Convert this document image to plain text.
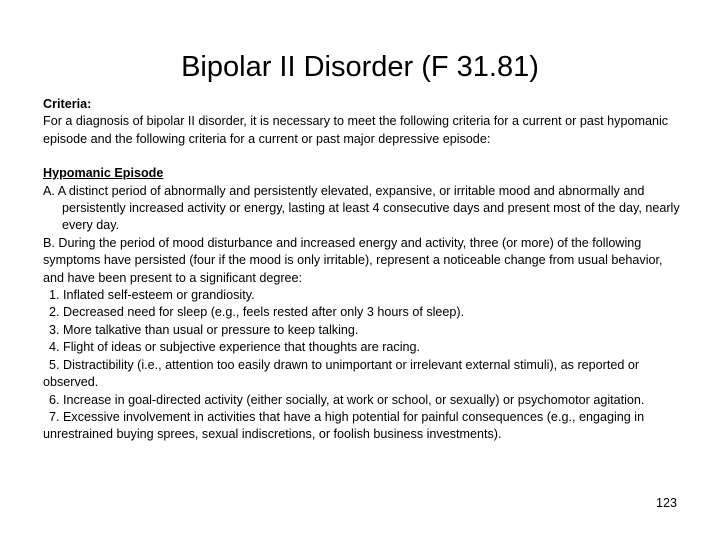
Bipolar II Disorder (F 31.81)

Criteria:

For a diagnosis of bipolar II disorder, it is necessary to meet the following criteria for a current or past hypomanic episode and the following criteria for a current or past major depressive episode:

Hypomanic Episode

A. A distinct period of abnormally and persistently elevated, expansive, or irritable mood and abnormally and persistently increased activity or energy, lasting at least 4 consecutive days and present most of the day, nearly every day.

B. During the period of mood disturbance and increased energy and activity, three (or more) of the following symptoms have persisted (four if the mood is only irritable), represent a noticeable change from usual behavior, and have been present to a significant degree:

1. Inflated self-esteem or grandiosity.

2. Decreased need for sleep (e.g., feels rested after only 3 hours of sleep).

3. More talkative than usual or pressure to keep talking.

4. Flight of ideas or subjective experience that thoughts are racing.

5. Distractibility (i.e., attention too easily drawn to unimportant or irrelevant external stimuli), as reported or observed.

6. Increase in goal-directed activity (either socially, at work or school, or sexually) or psychomotor agitation.

7. Excessive involvement in activities that have a high potential for painful consequences (e.g., engaging in unrestrained buying sprees, sexual indiscretions, or foolish business investments).

123
